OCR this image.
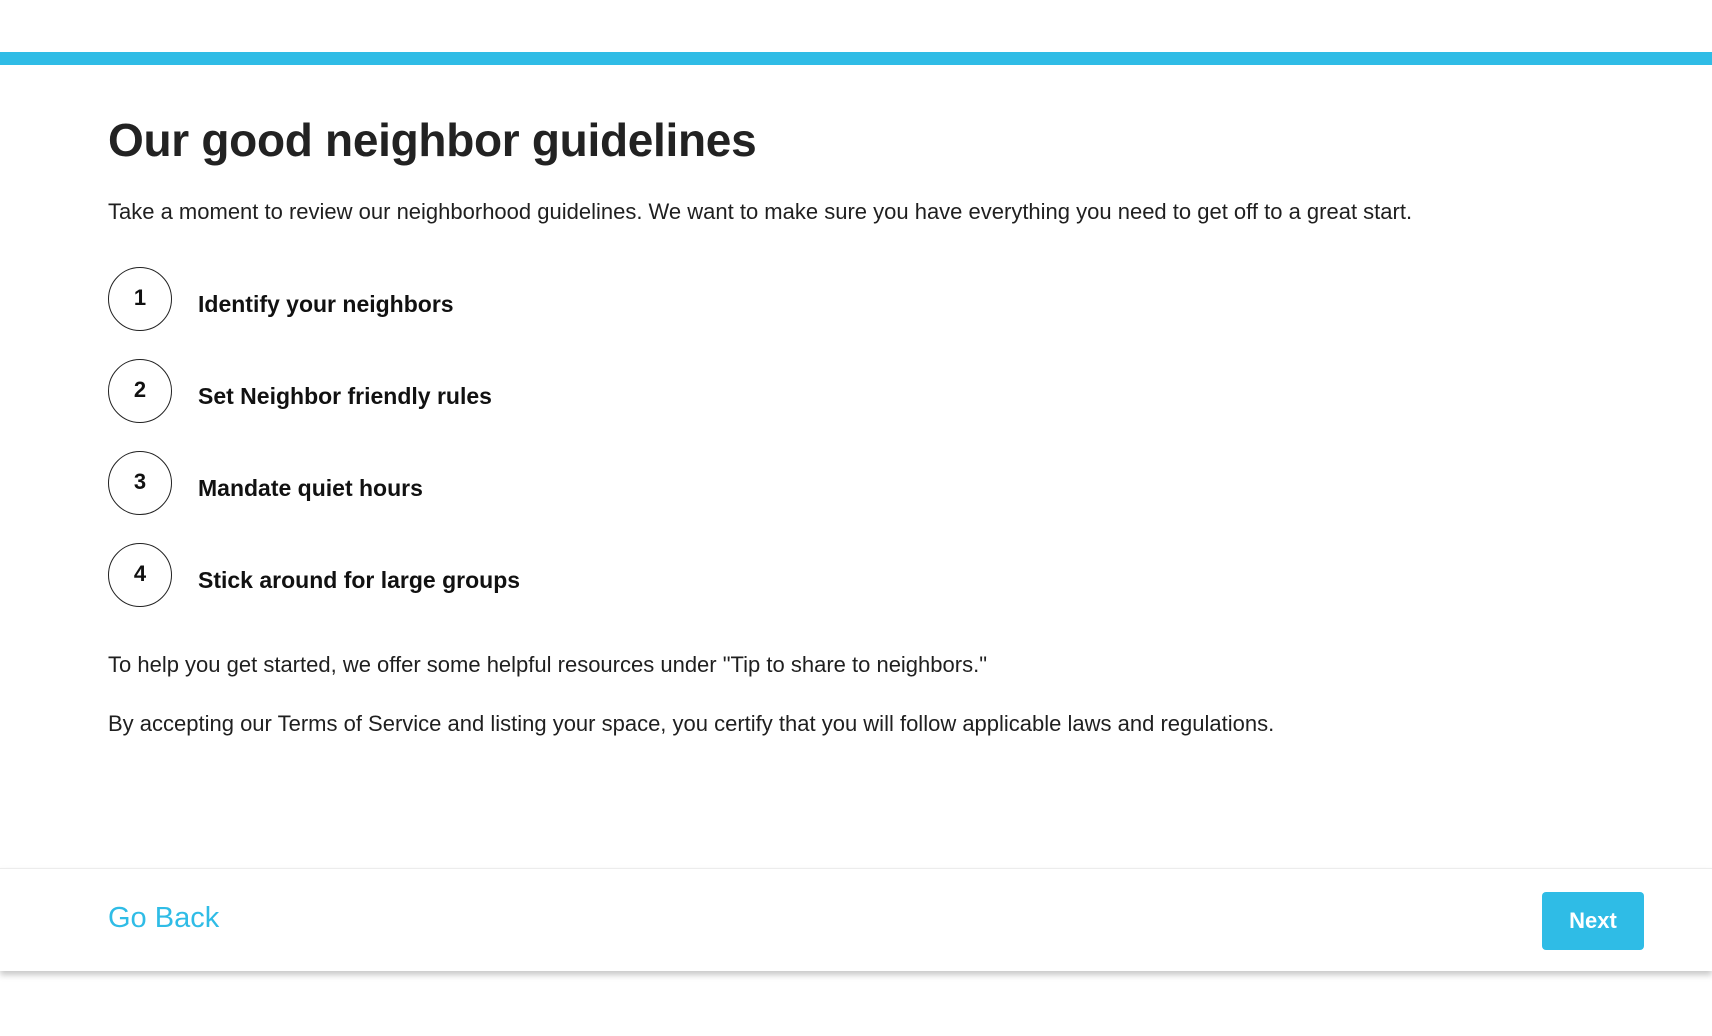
Our good neighbor guidelines

Take a moment to review our neighborhood guidelines. We want to make sure you have everything you need to get off to a great start.

1	Identify your neighbors
2	Set Neighbor friendly rules
3	Mandate quiet hours
4	Stick around for large groups

To help you get started, we offer some helpful resources under "Tip to share to neighbors."

By accepting our Terms of Service and listing your space, you certify that you will follow applicable laws and regulations.

Go Back	Next
